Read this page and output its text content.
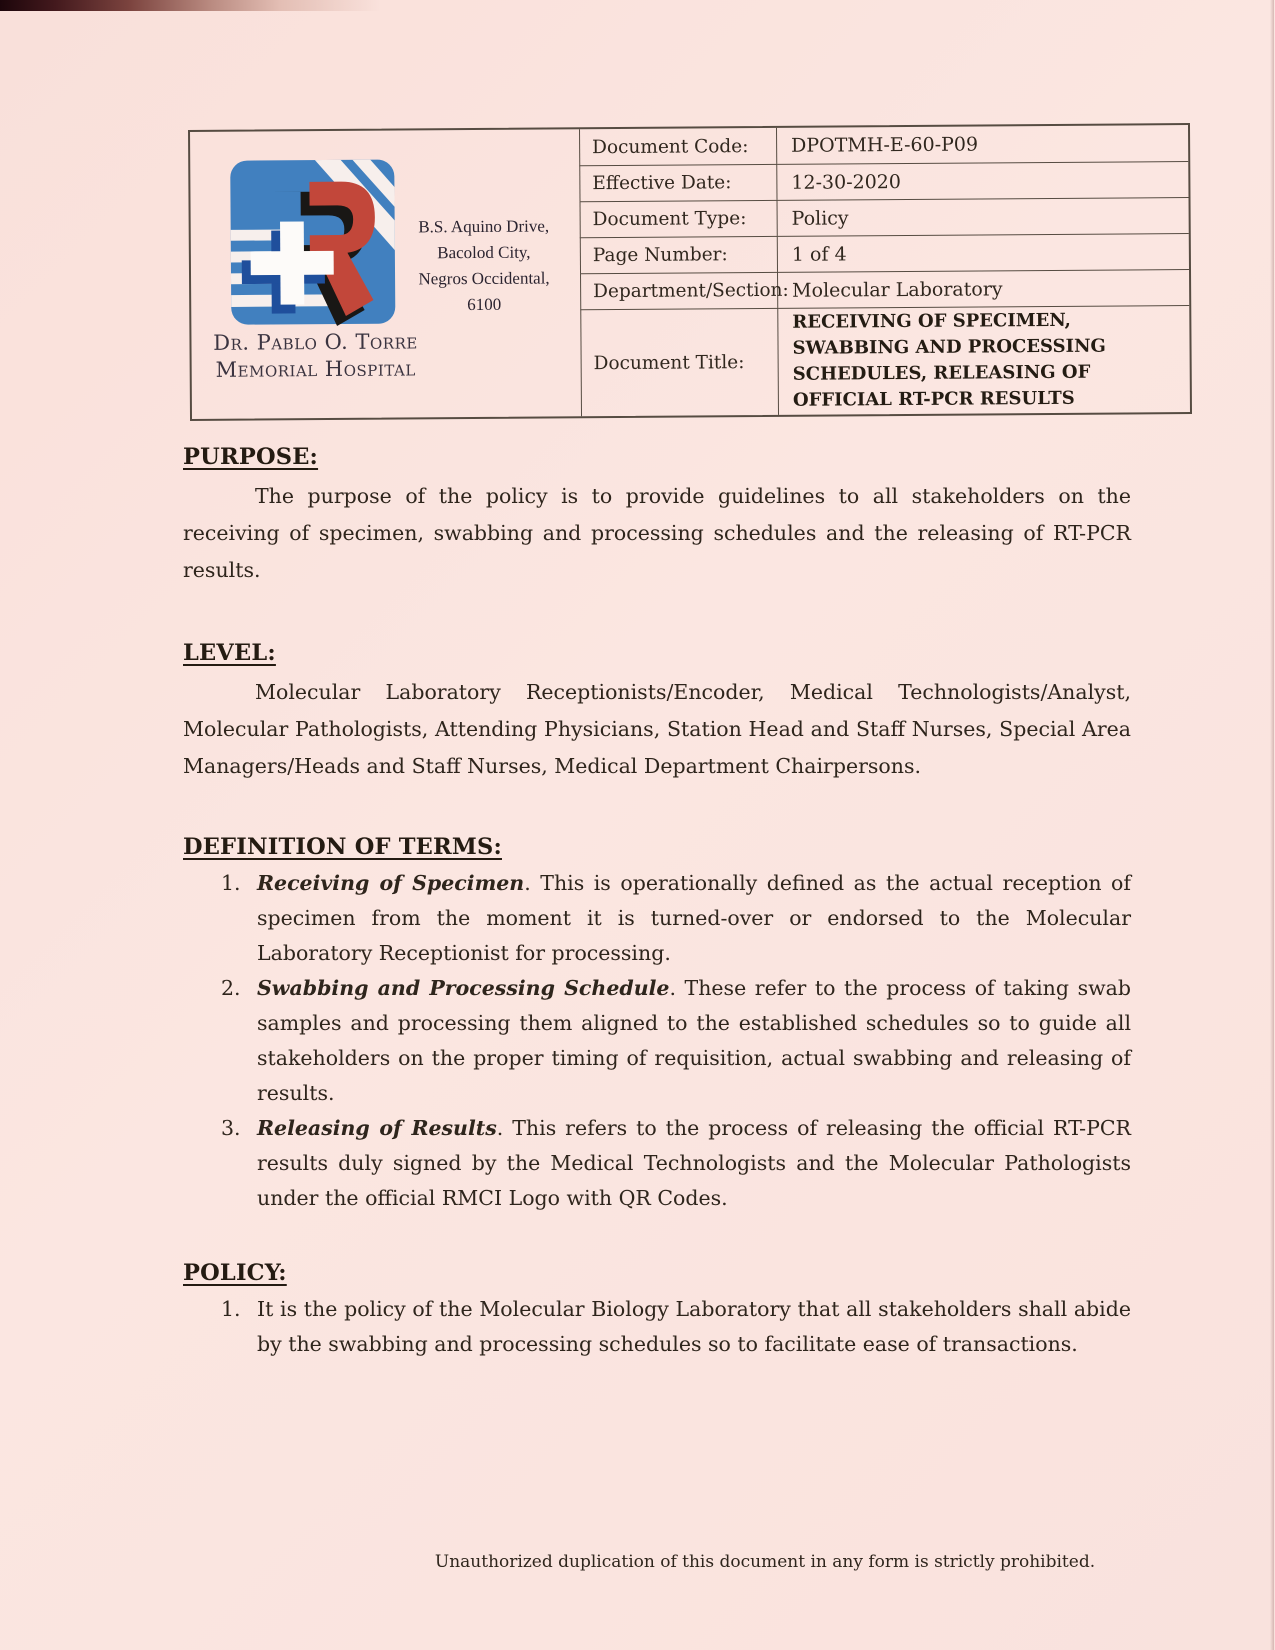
B.S. Aquino Drive,
Bacolod City,
Negros Occidental,
6100
Dr. Pablo O. Torre
Memorial Hospital
Document Code:	DPOTMH-E-60-P09
Effective Date:	12-30-2020
Document Type:	Policy
Page Number:	1 of 4
Department/Section: Molecular Laboratory
Document Title:
RECEIVING OF SPECIMEN, SWABBING AND PROCESSING SCHEDULES, RELEASING OF OFFICIAL RT-PCR RESULTS
PURPOSE:

The purpose of the policy is to provide guidelines to all stakeholders on the receiving of specimen, swabbing and processing schedules and the releasing of RT-PCR results.

LEVEL:

Molecular Laboratory Receptionists/Encoder, Medical Technologists/Analyst, Molecular Pathologists, Attending Physicians, Station Head and Staff Nurses, Special Area Managers/Heads and Staff Nurses, Medical Department Chairpersons.

DEFINITION OF TERMS:
1. Receiving of Specimen. This is operationally defined as the actual reception of specimen from the moment it is turned-over or endorsed to the Molecular Laboratory Receptionist for processing.
2. Swabbing and Processing Schedule. These refer to the process of taking swab samples and processing them aligned to the established schedules so to guide all stakeholders on the proper timing of requisition, actual swabbing and releasing of results.
3. Releasing of Results. This refers to the process of releasing the official RT-PCR results duly signed by the Medical Technologists and the Molecular Pathologists under the official RMCI Logo with QR Codes.
POLICY:
1. It is the policy of the Molecular Biology Laboratory that all stakeholders shall abide by the swabbing and processing schedules so to facilitate ease of transactions.
Unauthorized duplication of this document in any form is strictly prohibited.
